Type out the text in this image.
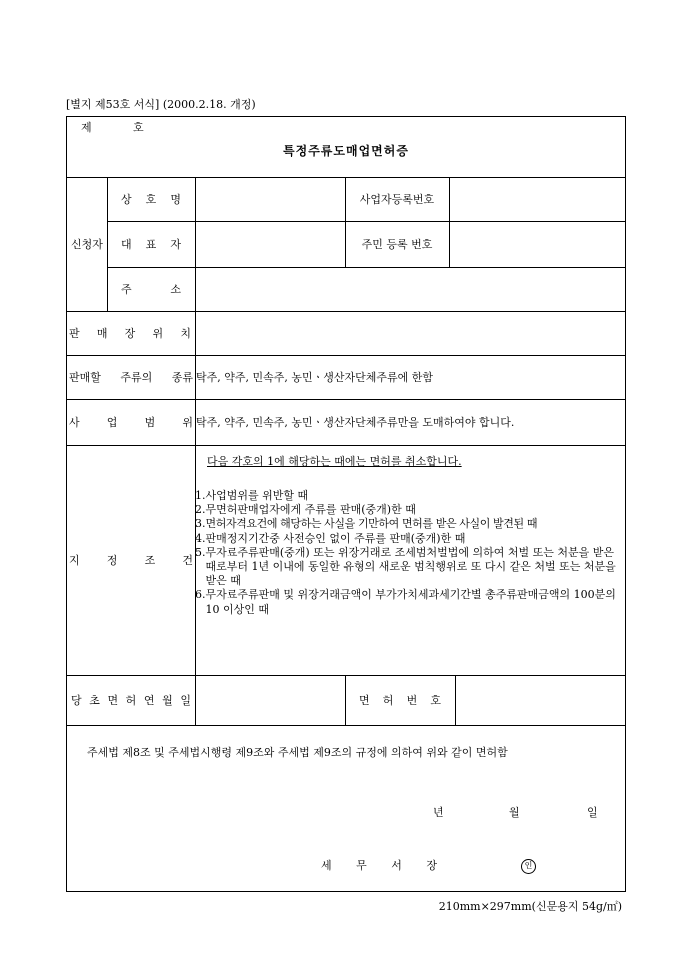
[별지 제53호 서식] (2000.2.18. 개정)
제	호
특정주류도매업면허증
신청자
상 호 명	사업자등록번호
대 표 자	주민 등록 번호
주	소
판 매 장 위 치
판매할 주류의 종류 탁주, 약주, 민속주, 농민ㆍ생산자단체주류에 한함
사 업 범 위 탁주, 약주, 민속주, 농민ㆍ생산자단체주류만을 도매하여야 합니다.
지 정 조 건
다음 각호의 1에 해당하는 때에는 면허를 취소합니다.
1. 사업범위를 위반할 때
2. 무면허판매업자에게 주류를 판매(중개)한 때
3. 면허자격요건에 해당하는 사실을 기만하여 면허를 받은 사실이 발견된 때
4. 판매정지기간중 사전승인 없이 주류를 판매(중개)한 때
5. 무자료주류판매(중개) 또는 위장거래로 조세범처벌법에 의하여 처벌 또는 처분을 받은 때로부터 1년 이내에 동일한 유형의 새로운 범칙행위로 또 다시 같은 처벌 또는 처분을 받은 때
6. 무자료주류판매 및 위장거래금액이 부가가치세과세기간별 총주류판매금액의 100분의 10 이상인 때
당 초 면 허 연 월 일	면 허 번 호
주세법 제8조 및 주세법시행령 제9조와 주세법 제9조의 규정에 의하여 위와 같이 면허함
년	월	일
세 무 서 장	인
210mm×297mm(신문용지 54g/㎡)
